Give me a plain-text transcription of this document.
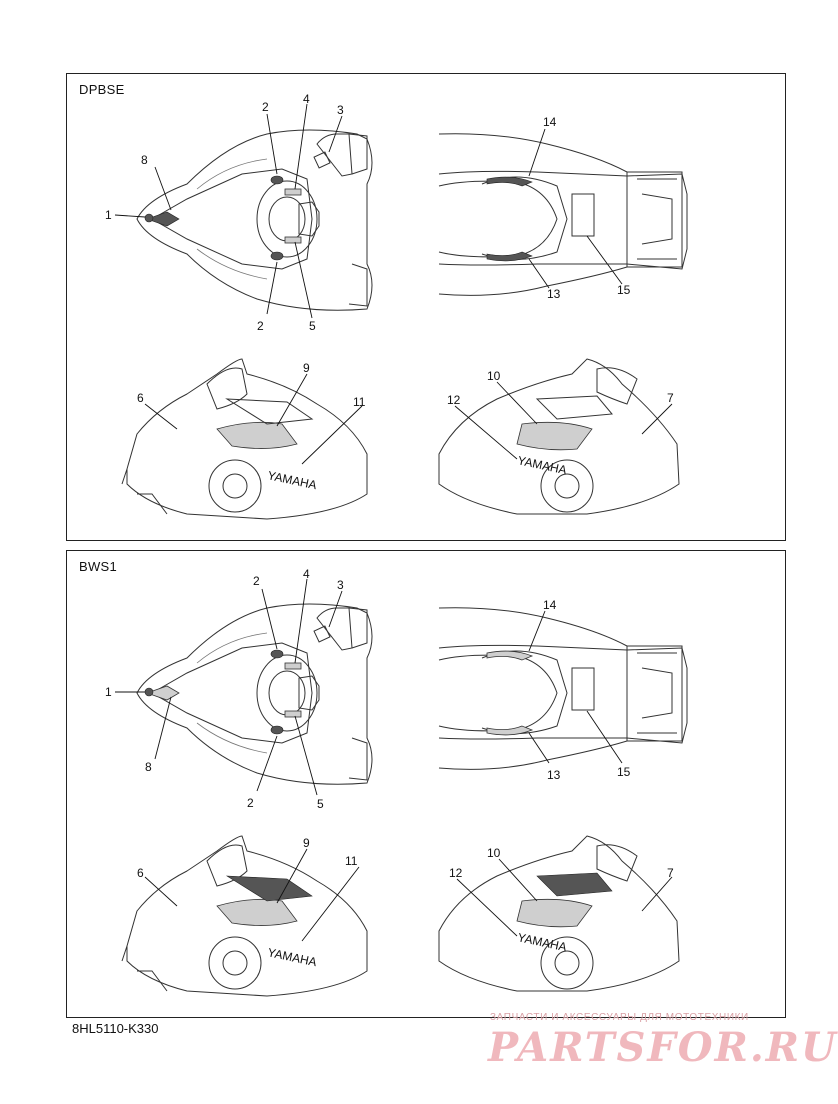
DPBSE
YAMAHA
YAMAHA
1
2	3
4
5
6	7
8
9
10
11	12
13
14
15
2
BWS1
YAMAHA
YAMAHA
1
2	3
4
5
6	7
8
9
10
11
12
13
14
15
2
8HL5110-K330
ЗАПЧАСТИ И АКСЕССУАРЫ ДЛЯ МОТОТЕХНИКИ
PARTSFOR.RU
